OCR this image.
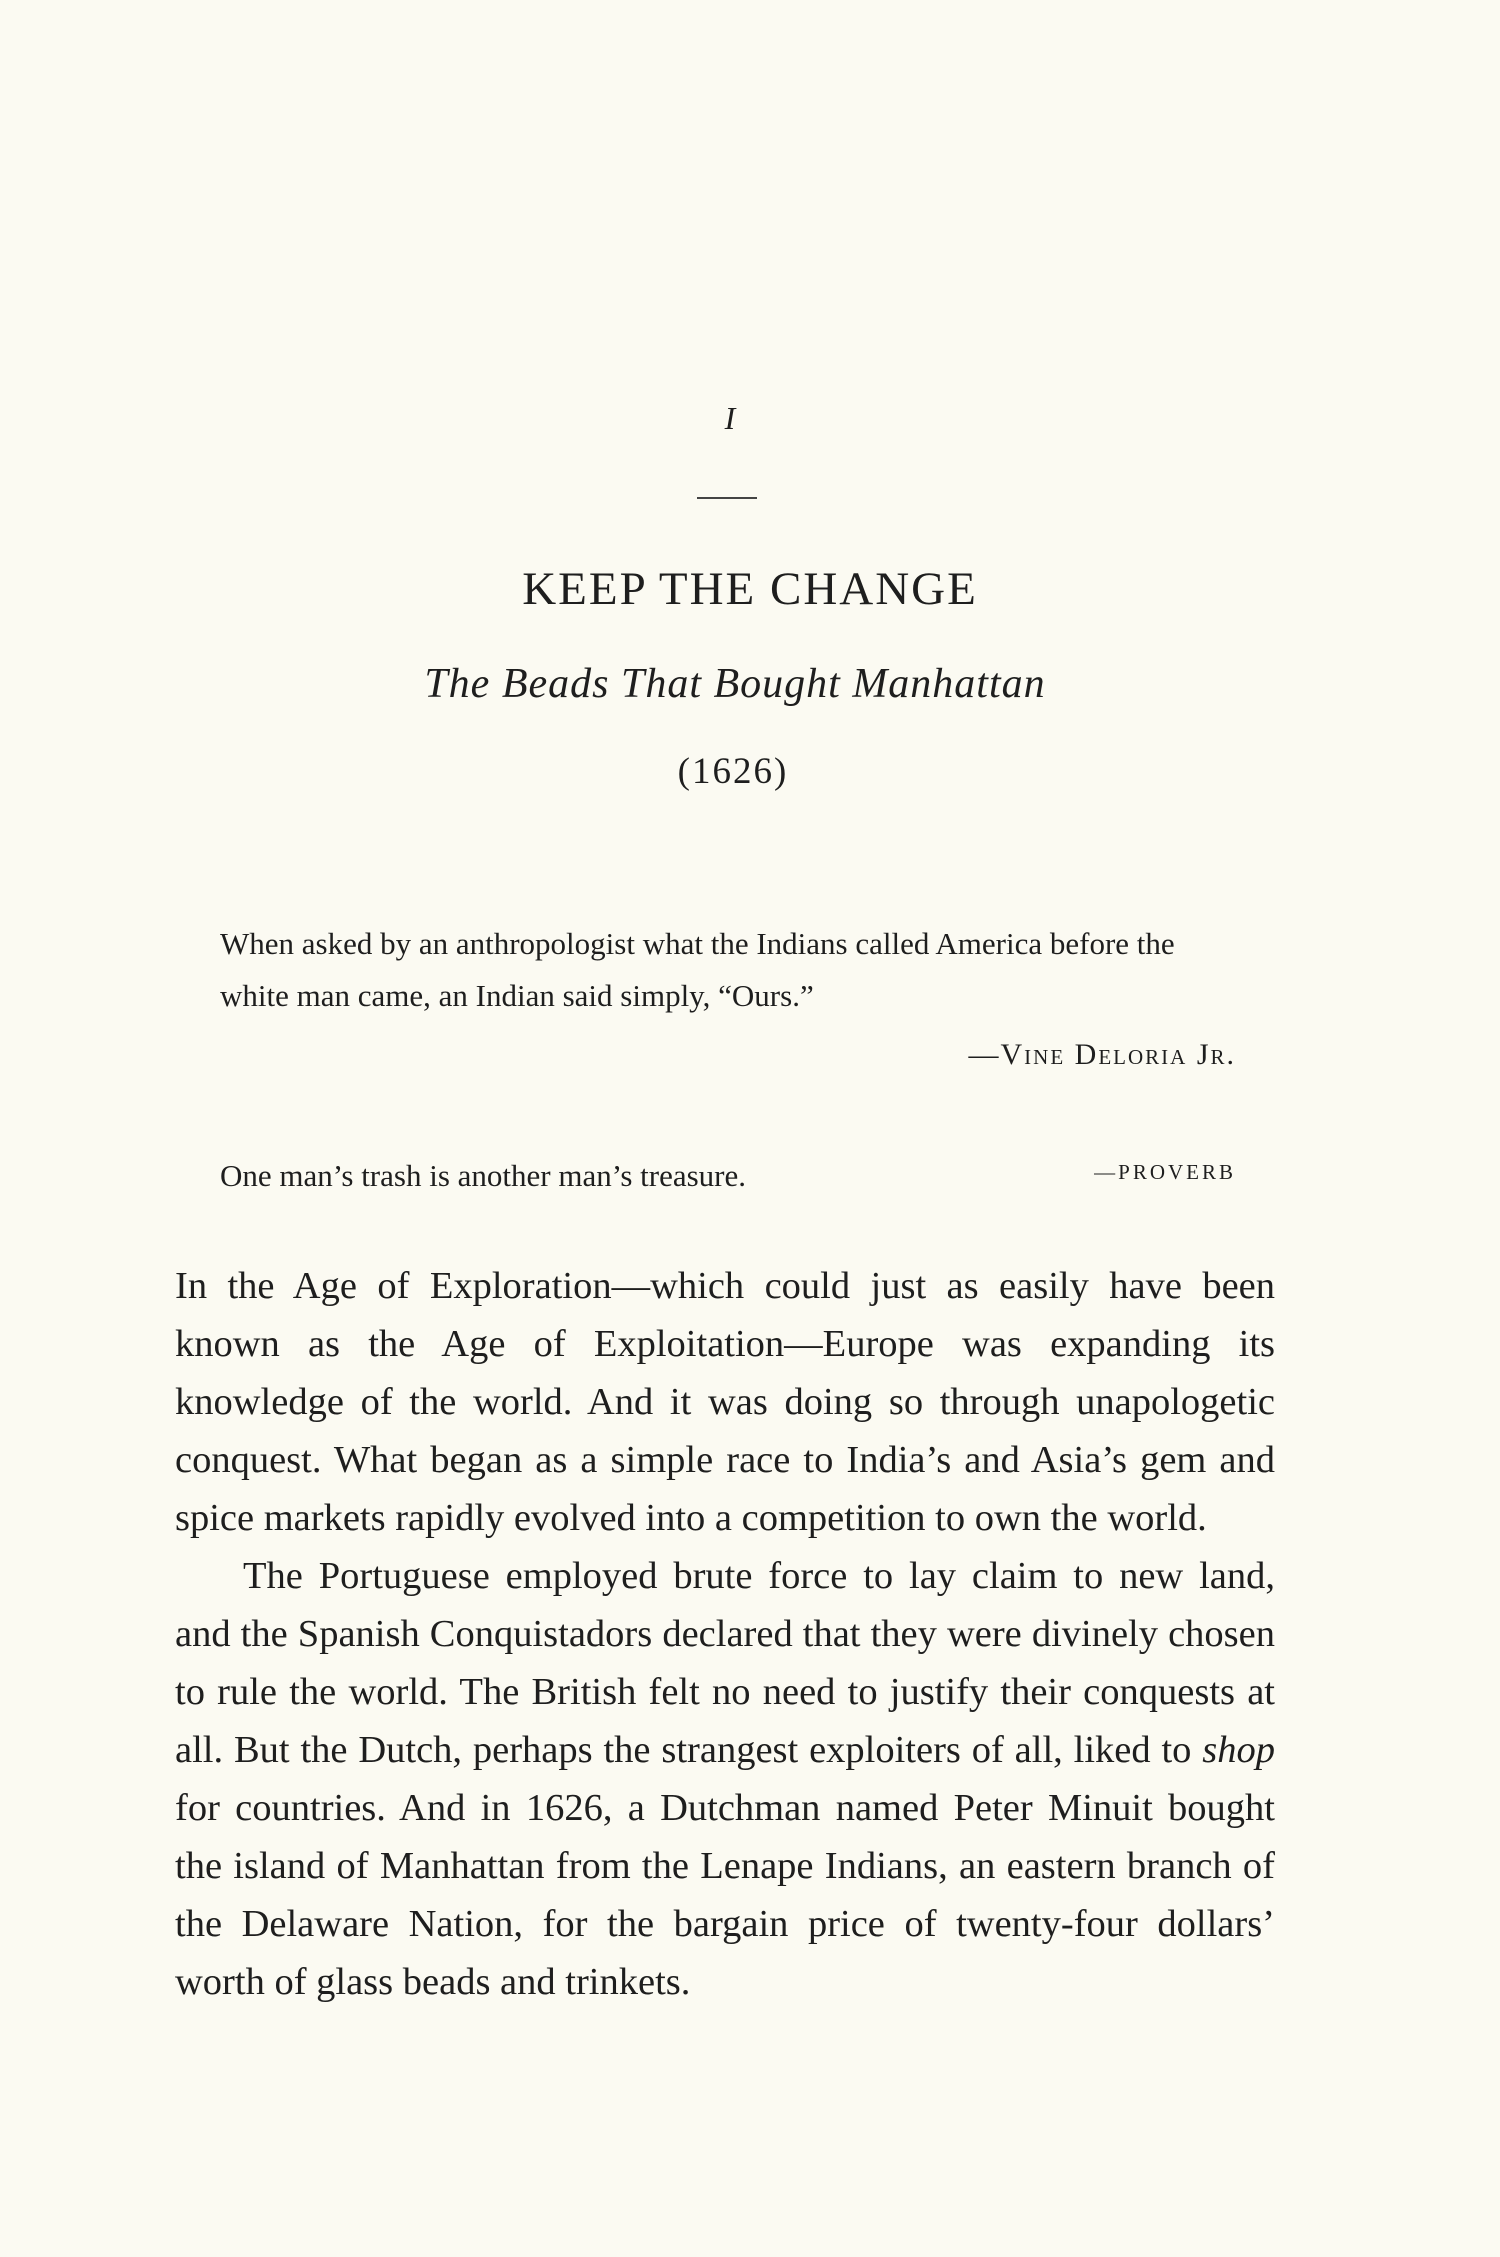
I
KEEP THE CHANGE
The Beads That Bought Manhattan
(1626)
When asked by an anthropologist what the Indians called America before the white man came, an Indian said simply, “Ours.”
—Vine Deloria Jr.
One man’s trash is another man’s treasure.	—PROVERB

In the Age of Exploration—which could just as easily have been known as the Age of Exploitation—Europe was expanding its knowledge of the world. And it was doing so through unapologetic conquest. What began as a simple race to India’s and Asia’s gem and spice markets rapidly evolved into a competition to own the world.

The Portuguese employed brute force to lay claim to new land, and the Spanish Conquistadors declared that they were divinely chosen to rule the world. The British felt no need to justify their conquests at all. But the Dutch, perhaps the strangest exploiters of all, liked to shop for countries. And in 1626, a Dutchman named Peter Minuit bought the island of Manhattan from the Lenape Indians, an eastern branch of the Delaware Nation, for the bargain price of twenty-four dollars’ worth of glass beads and trinkets.
